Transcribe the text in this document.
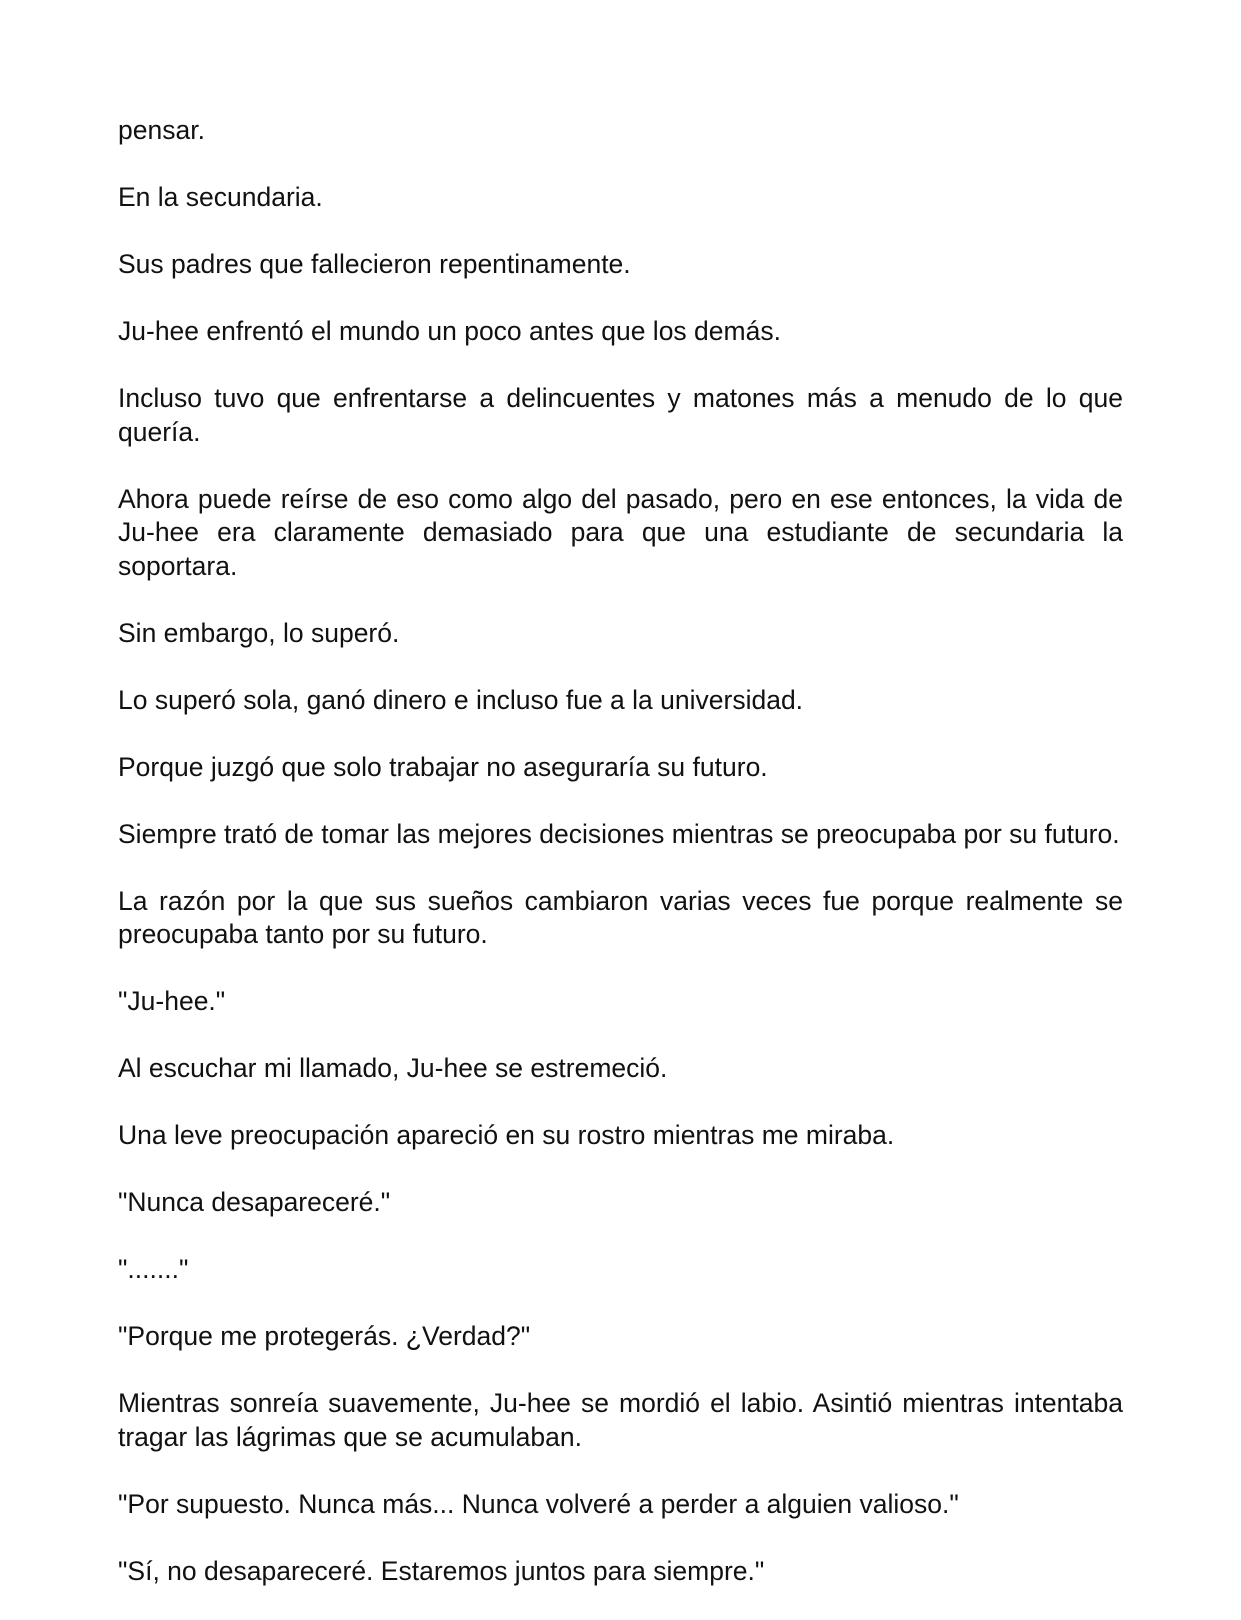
pensar.

En la secundaria.

Sus padres que fallecieron repentinamente.

Ju-hee enfrentó el mundo un poco antes que los demás.

Incluso tuvo que enfrentarse a delincuentes y matones más a menudo de lo que quería.

Ahora puede reírse de eso como algo del pasado, pero en ese entonces, la vida de Ju-hee era claramente demasiado para que una estudiante de secundaria la soportara.

Sin embargo, lo superó.

Lo superó sola, ganó dinero e incluso fue a la universidad.

Porque juzgó que solo trabajar no aseguraría su futuro.

Siempre trató de tomar las mejores decisiones mientras se preocupaba por su futuro.

La razón por la que sus sueños cambiaron varias veces fue porque realmente se preocupaba tanto por su futuro.

"Ju-hee."

Al escuchar mi llamado, Ju-hee se estremeció.

Una leve preocupación apareció en su rostro mientras me miraba.

"Nunca desapareceré."

"......."

"Porque me protegerás. ¿Verdad?"

Mientras sonreía suavemente, Ju-hee se mordió el labio. Asintió mientras intentaba tragar las lágrimas que se acumulaban.

"Por supuesto. Nunca más... Nunca volveré a perder a alguien valioso."

"Sí, no desapareceré. Estaremos juntos para siempre."
